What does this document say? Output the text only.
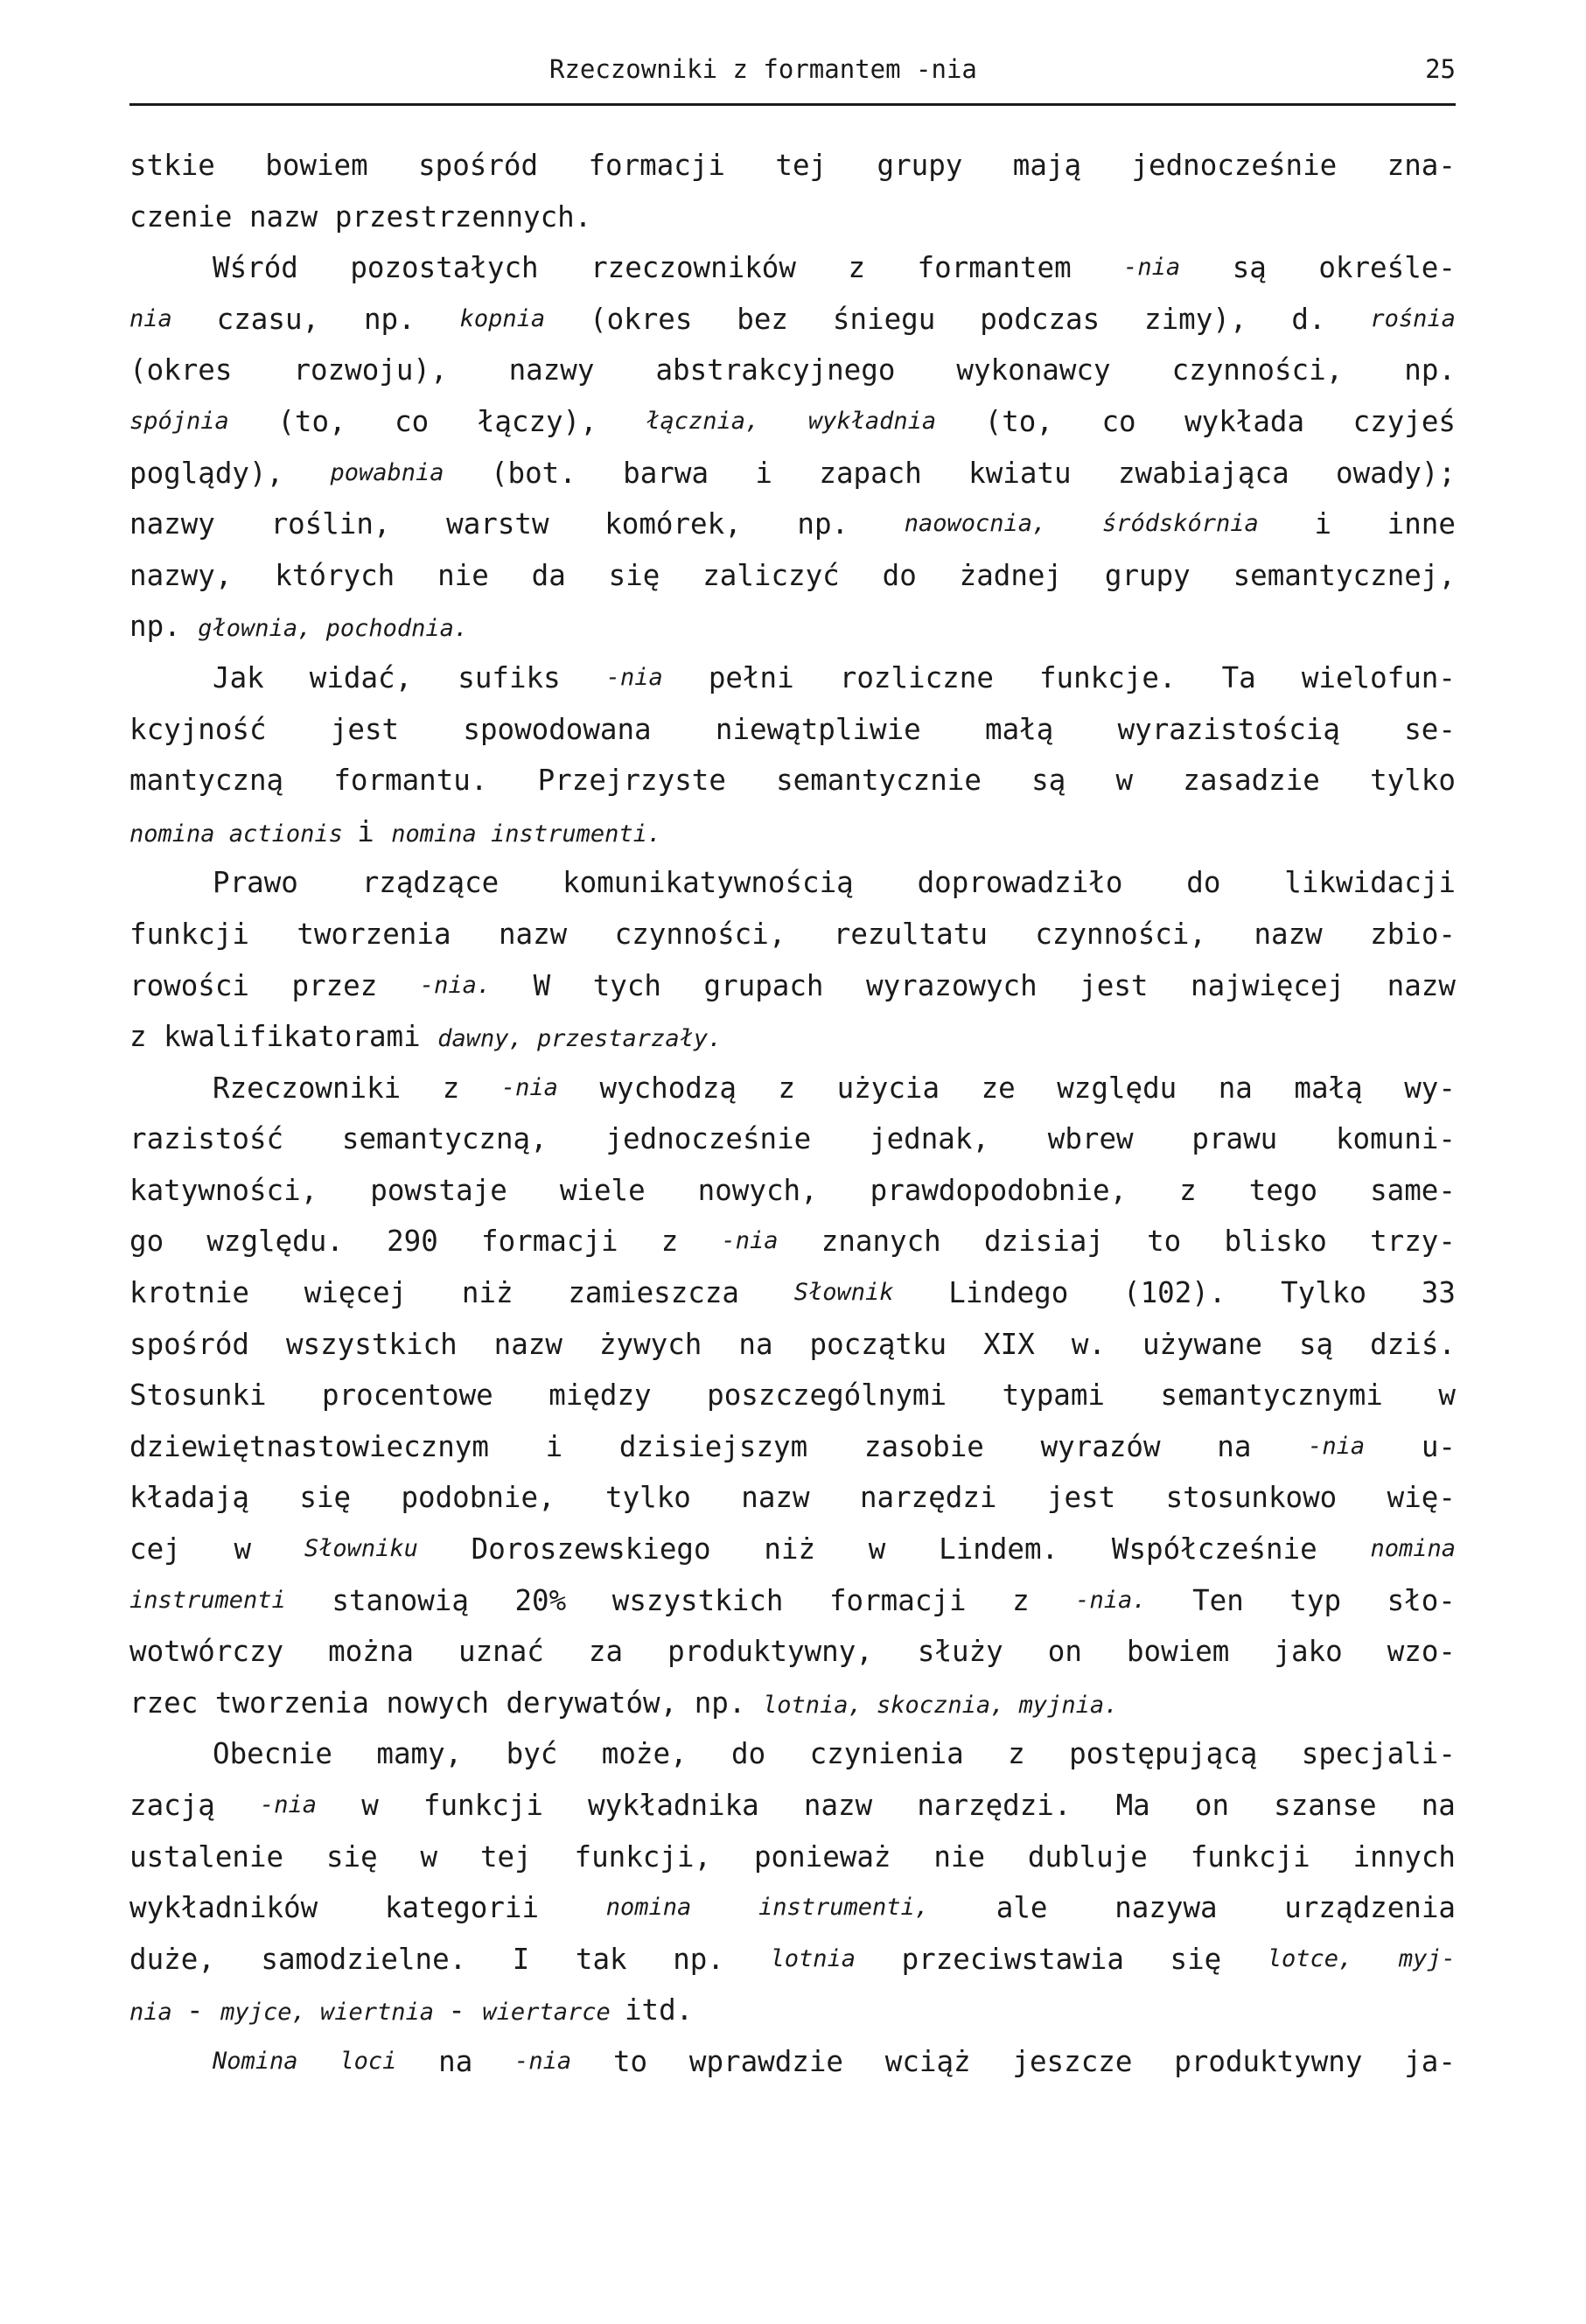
Rzeczowniki z formantem -nia	25
stkie bowiem spośród formacji tej grupy mają jednocześnie zna-
czenie nazw przestrzennych.
Wśród pozostałych rzeczowników z formantem -nia są określe-
nia czasu, np. kopnia (okres bez śniegu podczas zimy), d. rośnia
(okres rozwoju), nazwy abstrakcyjnego wykonawcy czynności, np.
spójnia (to, co łączy), łącznia, wykładnia (to, co wykłada czyjeś
poglądy), powabnia (bot. barwa i zapach kwiatu zwabiająca owady);
nazwy roślin, warstw komórek, np. naowocnia, śródskórnia i inne
nazwy, których nie da się zaliczyć do żadnej grupy semantycznej,
np. głownia, pochodnia.
Jak widać, sufiks -nia pełni rozliczne funkcje. Ta wielofun-
kcyjność jest spowodowana niewątpliwie małą wyrazistością se-
mantyczną formantu. Przejrzyste semantycznie są w zasadzie tylko
nomina actionis i nomina instrumenti.
Prawo rządzące komunikatywnością doprowadziło do likwidacji
funkcji tworzenia nazw czynności, rezultatu czynności, nazw zbio-
rowości przez -nia. W tych grupach wyrazowych jest najwięcej nazw
z kwalifikatorami dawny, przestarzały.
Rzeczowniki z -nia wychodzą z użycia ze względu na małą wy-
razistość semantyczną, jednocześnie jednak, wbrew prawu komuni-
katywności, powstaje wiele nowych, prawdopodobnie, z tego same-
go względu. 290 formacji z -nia znanych dzisiaj to blisko trzy-
krotnie więcej niż zamieszcza Słownik Lindego (102). Tylko 33
spośród wszystkich nazw żywych na początku XIX w. używane są dziś.
Stosunki procentowe między poszczególnymi typami semantycznymi w
dziewiętnastowiecznym i dzisiejszym zasobie wyrazów na -nia u-
kładają się podobnie, tylko nazw narzędzi jest stosunkowo wię-
cej w Słowniku Doroszewskiego niż w Lindem. Współcześnie nomina
instrumenti stanowią 20% wszystkich formacji z -nia. Ten typ sło-
wotwórczy można uznać za produktywny, służy on bowiem jako wzo-
rzec tworzenia nowych derywatów, np. lotnia, skocznia, myjnia.
Obecnie mamy, być może, do czynienia z postępującą specjali-
zacją -nia w funkcji wykładnika nazw narzędzi. Ma on szanse na
ustalenie się w tej funkcji, ponieważ nie dubluje funkcji innych
wykładników kategorii	nomina	instrumenti, ale nazywa urządzenia
duże, samodzielne. I tak np. lotnia przeciwstawia się lotce, myj-
nia - myjce, wiertnia - wiertarce itd.
Nomina loci na -nia to wprawdzie wciąż jeszcze produktywny ja-
